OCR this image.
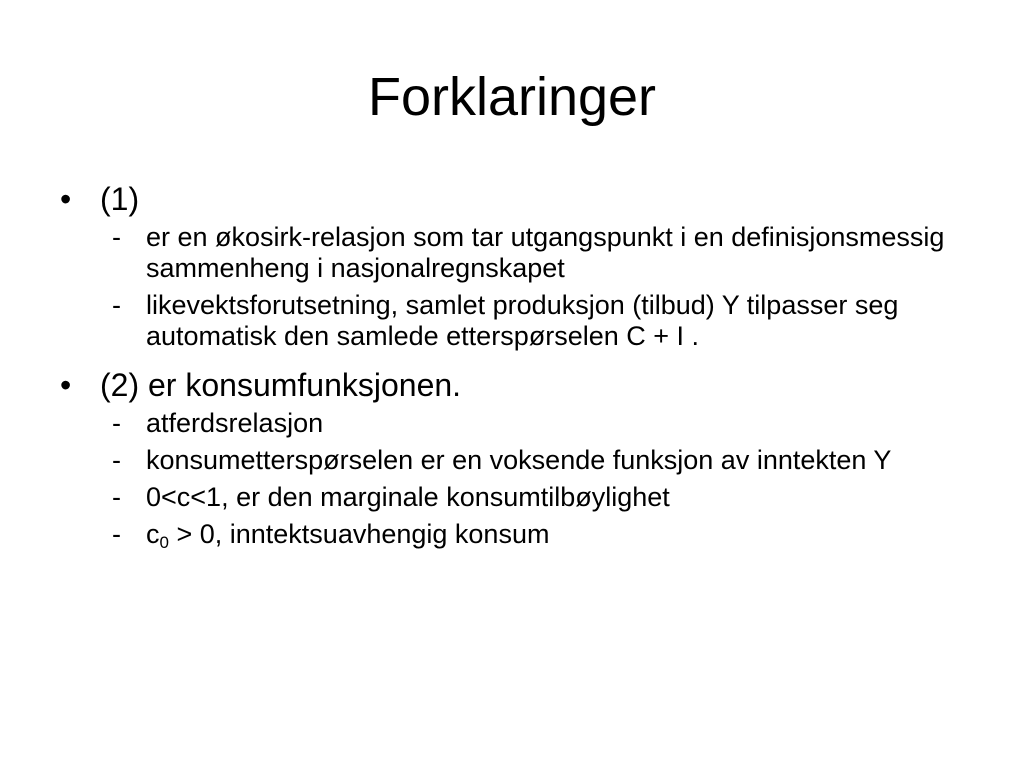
Forklaringer
• (1)
- er en økosirk-relasjon som tar utgangspunkt i en definisjonsmessig sammenheng i nasjonalregnskapet
- likevektsforutsetning, samlet produksjon (tilbud) Y tilpasser seg automatisk den samlede etterspørselen C + I .
• (2) er konsumfunksjonen.
- atferdsrelasjon
- konsumetterspørselen er en voksende funksjon av inntekten Y
- 0<c<1, er den marginale konsumtilbøylighet
- $c_0 > 0$, inntektsuavhengig konsum
